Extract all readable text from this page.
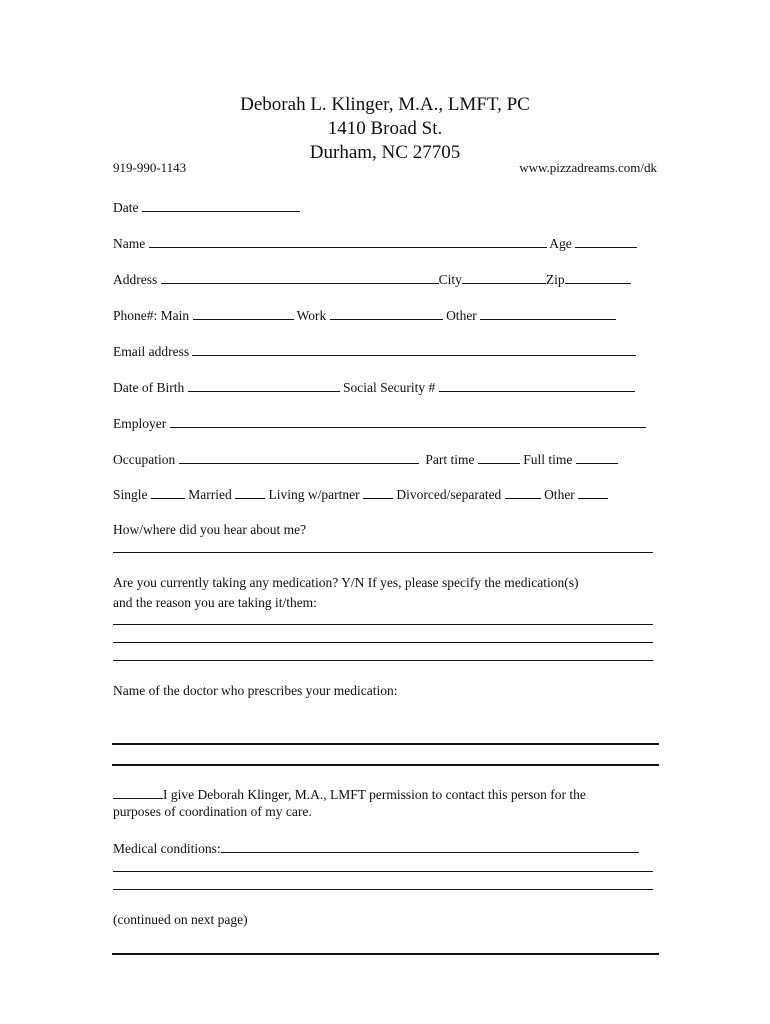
Deborah L. Klinger, M.A., LMFT, PC
1410 Broad St.
Durham, NC 27705
919-990-1143	www.pizzadreams.com/dk
Date
Name	Age
Address	City	Zip
Phone#: Main	Work	Other
Email address
Date of Birth	Social Security #
Employer
Occupation	Part time	Full time
Single	Married	Living w/partner	Divorced/separated	Other
How/where did you hear about me?
Are you currently taking any medication? Y/N If yes, please specify the medication(s)
and the reason you are taking it/them:
Name of the doctor who prescribes your medication:
I give Deborah Klinger, M.A., LMFT permission to contact this person for the
purposes of coordination of my care.
Medical conditions:
(continued on next page)
